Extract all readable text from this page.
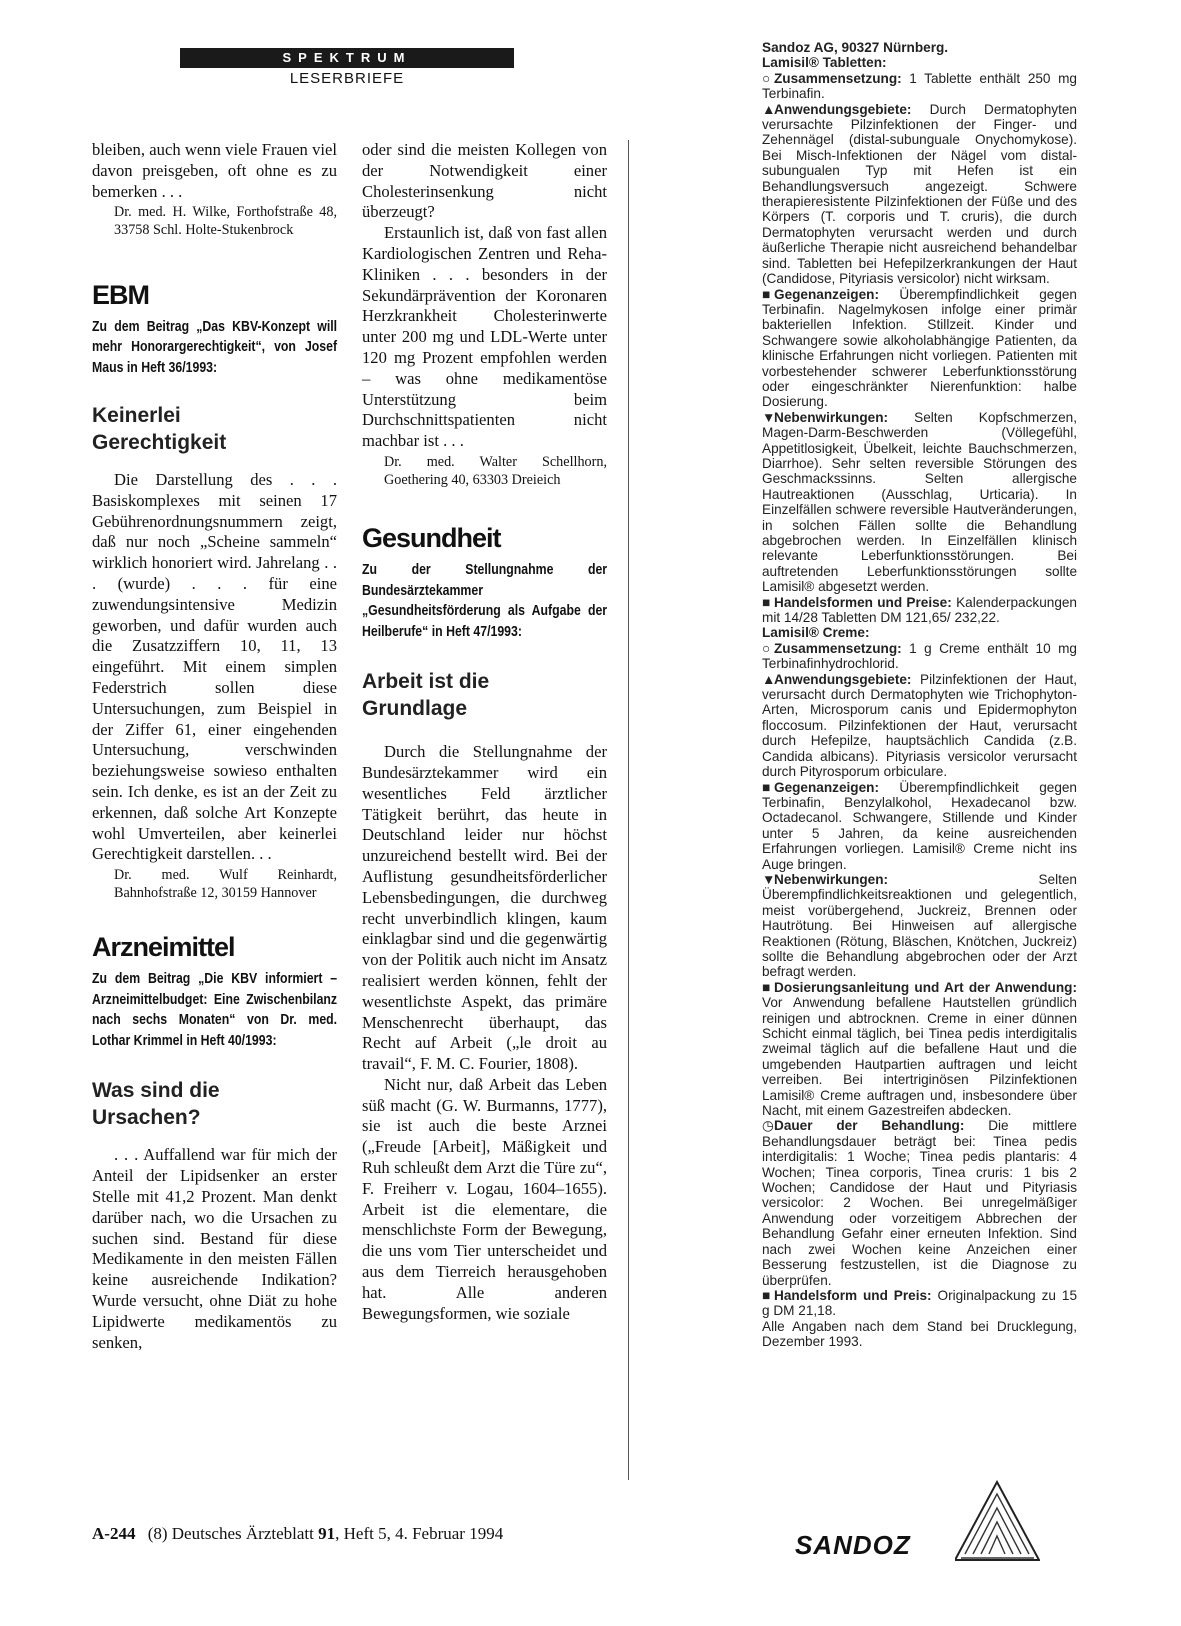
SPEKTRUM
LESERBRIEFE

bleiben, auch wenn viele Frauen viel davon preisgeben, oft ohne es zu bemerken . . .

Dr. med. H. Wilke, Forthofstraße 48, 33758 Schl. Holte-Stukenbrock

EBM

Zu dem Beitrag „Das KBV-Konzept will mehr Honorargerechtigkeit“, von Josef Maus in Heft 36/1993:

Keinerlei Gerechtigkeit

Die Darstellung des . . . Basiskomplexes mit seinen 17 Gebührenordnungsnummern zeigt, daß nur noch „Scheine sammeln“ wirklich honoriert wird. Jahrelang . . . (wurde) . . . für eine zuwendungsintensive Medizin geworben, und dafür wurden auch die Zusatzziffern 10, 11, 13 eingeführt. Mit einem simplen Federstrich sollen diese Untersuchungen, zum Beispiel in der Ziffer 61, einer eingehenden Untersuchung, verschwinden beziehungsweise sowieso enthalten sein. Ich denke, es ist an der Zeit zu erkennen, daß solche Art Konzepte wohl Umverteilen, aber keinerlei Gerechtigkeit darstellen. . .

Dr. med. Wulf Reinhardt, Bahnhofstraße 12, 30159 Hannover

Arzneimittel

Zu dem Beitrag „Die KBV informiert – Arzneimittelbudget: Eine Zwischenbilanz nach sechs Monaten“ von Dr. med. Lothar Krimmel in Heft 40/1993:

Was sind die Ursachen?

. . . Auffallend war für mich der Anteil der Lipidsenker an erster Stelle mit 41,2 Prozent. Man denkt darüber nach, wo die Ursachen zu suchen sind. Bestand für diese Medikamente in den meisten Fällen keine ausreichende Indikation? Wurde versucht, ohne Diät zu hohe Lipidwerte medikamentös zu senken,

oder sind die meisten Kollegen von der Notwendigkeit einer Cholesterinsenkung nicht überzeugt?

Erstaunlich ist, daß von fast allen Kardiologischen Zentren und Reha-Kliniken . . . besonders in der Sekundärprävention der Koronaren Herzkrankheit Cholesterinwerte unter 200 mg und LDL-Werte unter 120 mg Prozent empfohlen werden – was ohne medikamentöse Unterstützung beim Durchschnittspatienten nicht machbar ist . . .

Dr. med. Walter Schellhorn, Goethering 40, 63303 Dreieich

Gesundheit

Zu der Stellungnahme der Bundesärztekammer „Gesundheitsförderung als Aufgabe der Heilberufe“ in Heft 47/1993:

Arbeit ist die Grundlage

Durch die Stellungnahme der Bundesärztekammer wird ein wesentliches Feld ärztlicher Tätigkeit berührt, das heute in Deutschland leider nur höchst unzureichend bestellt wird. Bei der Auflistung gesundheitsförderlicher Lebensbedingungen, die durchweg recht unverbindlich klingen, kaum einklagbar sind und die gegenwärtig von der Politik auch nicht im Ansatz realisiert werden können, fehlt der wesentlichste Aspekt, das primäre Menschenrecht überhaupt, das Recht auf Arbeit („le droit au travail“, F. M. C. Fourier, 1808).

Nicht nur, daß Arbeit das Leben süß macht (G. W. Burmanns, 1777), sie ist auch die beste Arznei („Freude [Arbeit], Mäßigkeit und Ruh schleußt dem Arzt die Türe zu“, F. Freiherr v. Logau, 1604–1655). Arbeit ist die elementare, die menschlichste Form der Bewegung, die uns vom Tier unterscheidet und aus dem Tierreich herausgehoben hat. Alle anderen Bewegungsformen, wie soziale

Sandoz AG, 90327 Nürnberg.

Lamisil® Tabletten:

○ Zusammensetzung: 1 Tablette enthält 250 mg Terbinafin.

▲Anwendungsgebiete: Durch Dermatophyten verursachte Pilzinfektionen der Finger- und Zehennägel (distal-subunguale Onychomykose). Bei Misch-Infektionen der Nägel vom distal-subungualen Typ mit Hefen ist ein Behandlungsversuch angezeigt. Schwere therapieresistente Pilzinfektionen der Füße und des Körpers (T. corporis und T. cruris), die durch Dermatophyten verursacht werden und durch äußerliche Therapie nicht ausreichend behandelbar sind. Tabletten bei Hefepilzerkrankungen der Haut (Candidose, Pityriasis versicolor) nicht wirksam.

■ Gegenanzeigen: Überempfindlichkeit gegen Terbinafin. Nagelmykosen infolge einer primär bakteriellen Infektion. Stillzeit. Kinder und Schwangere sowie alkoholabhängige Patienten, da klinische Erfahrungen nicht vorliegen. Patienten mit vorbestehender schwerer Leberfunktionsstörung oder eingeschränkter Nierenfunktion: halbe Dosierung.

▼Nebenwirkungen: Selten Kopfschmerzen, Magen-Darm-Beschwerden (Völlegefühl, Appetitlosigkeit, Übelkeit, leichte Bauchschmerzen, Diarrhoe). Sehr selten reversible Störungen des Geschmackssinns. Selten allergische Hautreaktionen (Ausschlag, Urticaria). In Einzelfällen schwere reversible Hautveränderungen, in solchen Fällen sollte die Behandlung abgebrochen werden. In Einzelfällen klinisch relevante Leberfunktionsstörungen. Bei auftretenden Leberfunktionsstörungen sollte Lamisil® abgesetzt werden.

■ Handelsformen und Preise: Kalenderpackungen mit 14/28 Tabletten DM 121,65/ 232,22.

Lamisil® Creme:

○ Zusammensetzung: 1 g Creme enthält 10 mg Terbinafinhydrochlorid.

▲Anwendungsgebiete: Pilzinfektionen der Haut, verursacht durch Dermatophyten wie Trichophyton-Arten, Microsporum canis und Epidermophyton floccosum. Pilzinfektionen der Haut, verursacht durch Hefepilze, hauptsächlich Candida (z.B. Candida albicans). Pityriasis versicolor verursacht durch Pityrosporum orbiculare.

■ Gegenanzeigen: Überempfindlichkeit gegen Terbinafin, Benzylalkohol, Hexadecanol bzw. Octadecanol. Schwangere, Stillende und Kinder unter 5 Jahren, da keine ausreichenden Erfahrungen vorliegen. Lamisil® Creme nicht ins Auge bringen.

▼Nebenwirkungen: Selten Überempfindlichkeitsreaktionen und gelegentlich, meist vorübergehend, Juckreiz, Brennen oder Hautrötung. Bei Hinweisen auf allergische Reaktionen (Rötung, Bläschen, Knötchen, Juckreiz) sollte die Behandlung abgebrochen oder der Arzt befragt werden.

■ Dosierungsanleitung und Art der Anwendung: Vor Anwendung befallene Hautstellen gründlich reinigen und abtrocknen. Creme in einer dünnen Schicht einmal täglich, bei Tinea pedis interdigitalis zweimal täglich auf die befallene Haut und die umgebenden Hautpartien auftragen und leicht verreiben. Bei intertriginösen Pilzinfektionen Lamisil® Creme auftragen und, insbesondere über Nacht, mit einem Gazestreifen abdecken.

◷Dauer der Behandlung: Die mittlere Behandlungsdauer beträgt bei: Tinea pedis interdigitalis: 1 Woche; Tinea pedis plantaris: 4 Wochen; Tinea corporis, Tinea cruris: 1 bis 2 Wochen; Candidose der Haut und Pityriasis versicolor: 2 Wochen. Bei unregelmäßiger Anwendung oder vorzeitigem Abbrechen der Behandlung Gefahr einer erneuten Infektion. Sind nach zwei Wochen keine Anzeichen einer Besserung festzustellen, ist die Diagnose zu überprüfen.

■ Handelsform und Preis: Originalpackung zu 15 g DM 21,18.

Alle Angaben nach dem Stand bei Drucklegung, Dezember 1993.

SANDOZ
A-244 (8) Deutsches Ärzteblatt 91, Heft 5, 4. Februar 1994
